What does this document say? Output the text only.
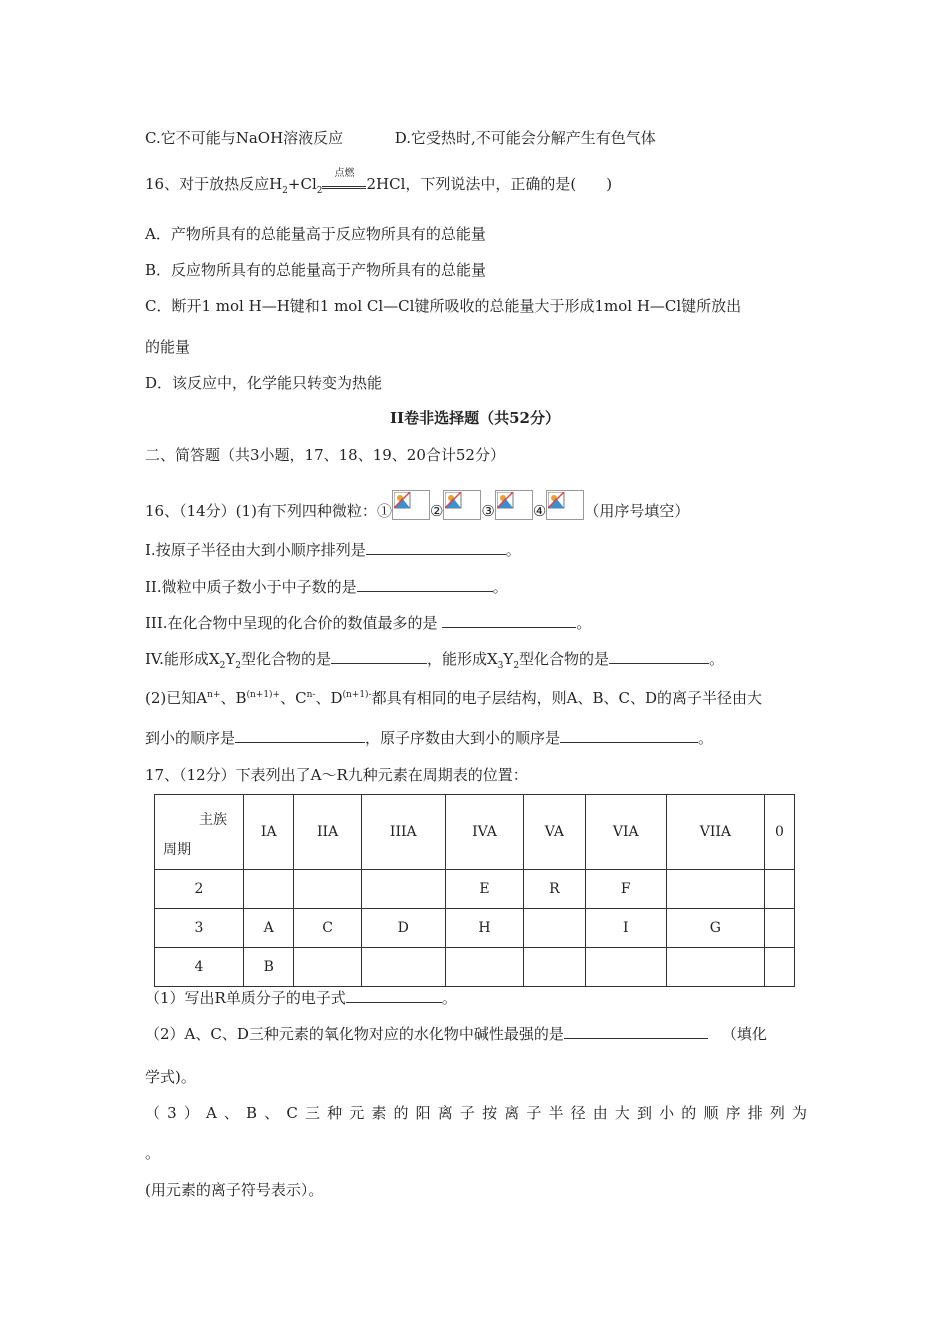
C.它不可能与NaOH溶液反应	D.它受热时,不可能会分解产生有色气体
16、对于放热反应$H_2+Cl_2$
点燃
2HCl，下列说法中，正确的是(　　)
A．产物所具有的总能量高于反应物所具有的总能量
B．反应物所具有的总能量高于产物所具有的总能量
C．断开1 mol H—H键和1 mol Cl—Cl键所吸收的总能量大于形成1mol H—Cl键所放出
的能量
D．该反应中，化学能只转变为热能
II卷非选择题（共52分）
二、简答题（共3小题，17、18、19、20合计52分）
16、（14分）(1)有下列四种微粒：①	②	③	④	（用序号填空）
I.按原子半径由大到小顺序排列是	。
II.微粒中质子数小于中子数的是	。
III.在化合物中呈现的化合价的数值最多的是	。
IV.能形成$X_2Y_2$型化合物的是	，能形成$X_3Y_2$型化合物的是	。
(2)已知$A^{n+}$、$B^{(n+1)+}$、$C^{n-}$、$D^{(n+1)-}$都具有相同的电子层结构，则A、B、C、D的离子半径由大
到小的顺序是	，原子序数由大到小的顺序是	。
17、（12分）下表列出了A～R九种元素在周期表的位置：
主族
周期	IA	IIA	IIIA	IVA	VA	VIA	VIIA	0
2				E	R	F		
3	A	C	D	H		I	G	
4	B							
（1）写出R单质分子的电子式	。
（2）A、C、D三种元素的氧化物对应的水化物中碱性最强的是	（填化
学式)。
（3）A、B、C三种元素的阳离子按离子半径由大到小的顺序排列为
。
(用元素的离子符号表示）。
